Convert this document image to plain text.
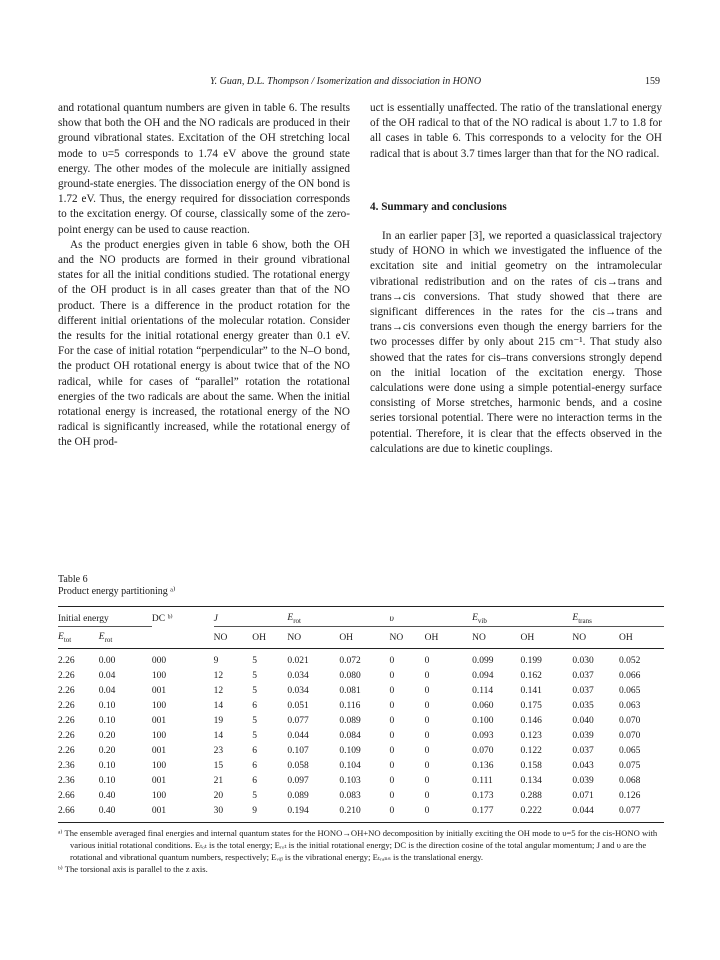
Y. Guan, D.L. Thompson / Isomerization and dissociation in HONO	159

and rotational quantum numbers are given in table 6. The results show that both the OH and the NO radicals are produced in their ground vibrational states. Excitation of the OH stretching local mode to υ=5 corresponds to 1.74 eV above the ground state energy. The other modes of the molecule are initially assigned ground-state energies. The dissociation energy of the ON bond is 1.72 eV. Thus, the energy required for dissociation corresponds to the excitation energy. Of course, classically some of the zero-point energy can be used to cause reaction.

As the product energies given in table 6 show, both the OH and the NO products are formed in their ground vibrational states for all the initial conditions studied. The rotational energy of the OH product is in all cases greater than that of the NO product. There is a difference in the product rotation for the different initial orientations of the molecular rotation. Consider the results for the initial rotational energy greater than 0.1 eV. For the case of initial rotation “perpendicular” to the N–O bond, the product OH rotational energy is about twice that of the NO radical, while for cases of “parallel” rotation the rotational energies of the two radicals are about the same. When the initial rotational energy is increased, the rotational energy of the NO radical is significantly increased, while the rotational energy of the OH prod-

uct is essentially unaffected. The ratio of the translational energy of the OH radical to that of the NO radical is about 1.7 to 1.8 for all cases in table 6. This corresponds to a velocity for the OH radical that is about 3.7 times larger than that for the NO radical.

4. Summary and conclusions

In an earlier paper [3], we reported a quasiclassical trajectory study of HONO in which we investigated the influence of the excitation site and initial geometry on the intramolecular vibrational redistribution and on the rates of cis→trans and trans→cis conversions. That study showed that there are significant differences in the rates for the cis→trans and trans→cis conversions even though the energy barriers for the two processes differ by only about 215 cm⁻¹. That study also showed that the rates for cis–trans conversions strongly depend on the initial location of the excitation energy. Those calculations were done using a simple potential-energy surface consisting of Morse stretches, harmonic bends, and a cosine series torsional potential. There were no interaction terms in the potential. Therefore, it is clear that the effects observed in the calculations are due to kinetic couplings.

Table 6
Product energy partitioning ᵃ⁾
Initial energy		DC ᵇ⁾	J		$E_{rot}$		υ		$E_{vib}$		$E_{trans}$
$E_{tot}$	$E_{rot}$		NO	OH	NO	OH	NO	OH	NO	OH	NO	OH
2.26	0.00	000	9	5	0.021	0.072	0	0	0.099	0.199	0.030	0.052
2.26	0.04	100	12	5	0.034	0.080	0	0	0.094	0.162	0.037	0.066
2.26	0.04	001	12	5	0.034	0.081	0	0	0.114	0.141	0.037	0.065
2.26	0.10	100	14	6	0.051	0.116	0	0	0.060	0.175	0.035	0.063
2.26	0.10	001	19	5	0.077	0.089	0	0	0.100	0.146	0.040	0.070
2.26	0.20	100	14	5	0.044	0.084	0	0	0.093	0.123	0.039	0.070
2.26	0.20	001	23	6	0.107	0.109	0	0	0.070	0.122	0.037	0.065
2.36	0.10	100	15	6	0.058	0.104	0	0	0.136	0.158	0.043	0.075
2.36	0.10	001	21	6	0.097	0.103	0	0	0.111	0.134	0.039	0.068
2.66	0.40	100	20	5	0.089	0.083	0	0	0.173	0.288	0.071	0.126
2.66	0.40	001	30	9	0.194	0.210	0	0	0.177	0.222	0.044	0.077

ᵃ⁾ The ensemble averaged final energies and internal quantum states for the HONO→OH+NO decomposition by initially exciting the OH mode to υ=5 for the cis-HONO with various initial rotational conditions. Eₜₒₜ is the total energy; Eᵣₒₜ is the initial rotational energy; DC is the direction cosine of the total angular momentum; J and υ are the rotational and vibrational quantum numbers, respectively; Eᵥᵢᵦ is the vibrational energy; Eₜᵣₐₙₛ is the translational energy.

ᵇ⁾ The torsional axis is parallel to the z axis.
